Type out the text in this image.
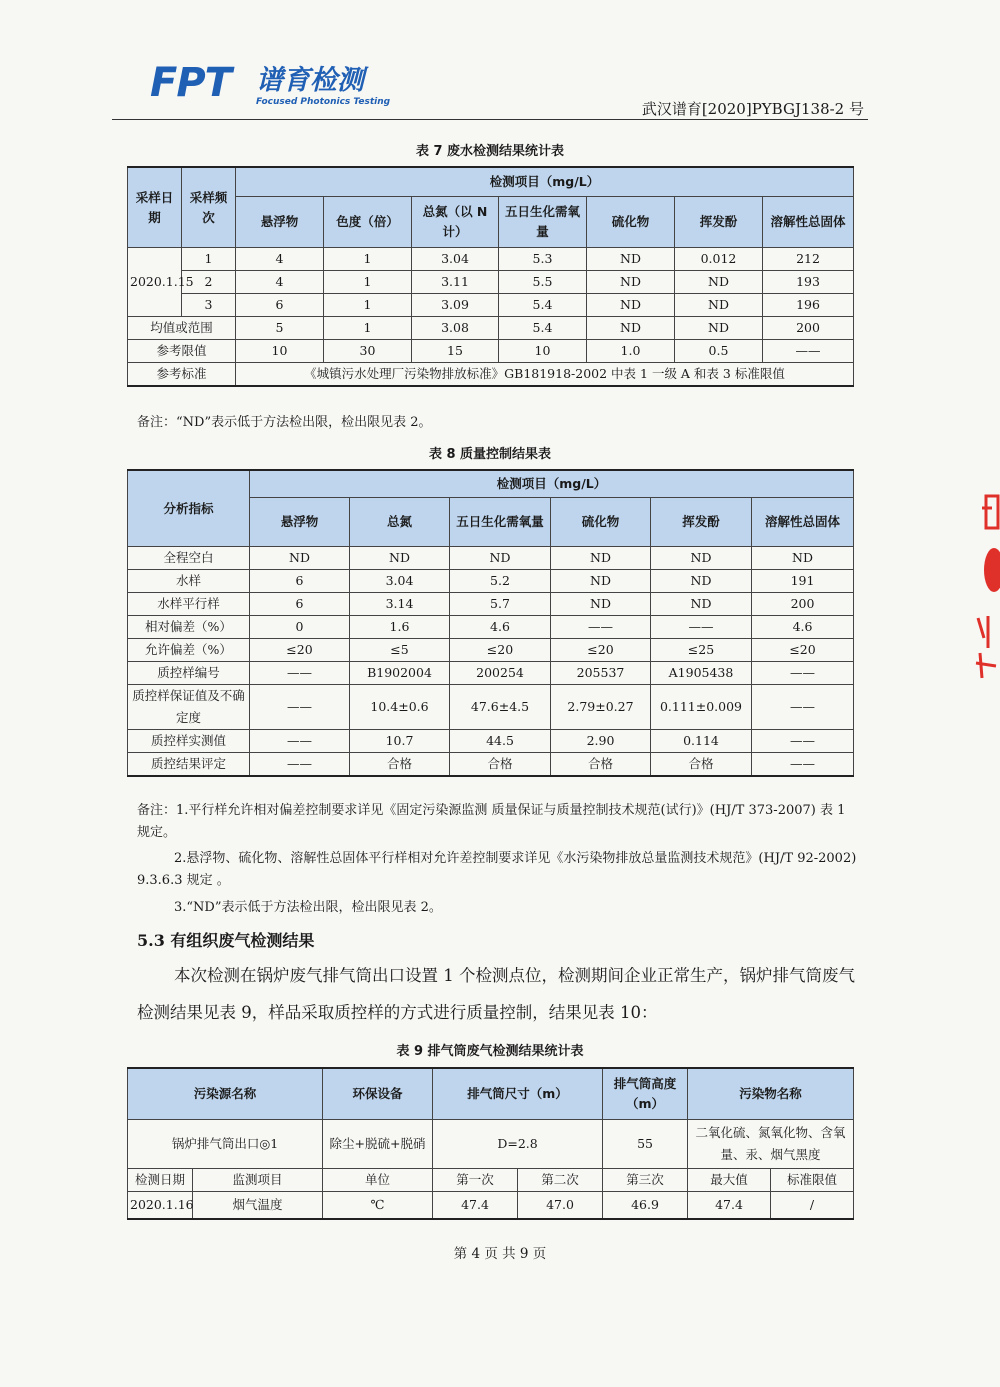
FPT 谱育检测
Focused Photonics Testing	武汉谱育[2020]PYBGJ138-2 号
表 7 废水检测结果统计表
采样日期	采样频次	检测项目（mg/L）						
		悬浮物	色度（倍）	总氮（以 N 计）	五日生化需氧量	硫化物	挥发酚	溶解性总固体
2020.1.15	1	4	1	3.04	5.3	ND	0.012	212
	2	4	1	3.11	5.5	ND	ND	193
	3	6	1	3.09	5.4	ND	ND	196
均值或范围		5	1	3.08	5.4	ND	ND	200
参考限值		10	30	15	10	1.0	0.5	——
参考标准		《城镇污水处理厂污染物排放标准》GB181918-2002 中表 1 一级 A 和表 3 标准限值						
备注：“ND”表示低于方法检出限，检出限见表 2。
表 8 质量控制结果表
分析指标	检测项目（mg/L）					
	悬浮物	总氮	五日生化需氧量	硫化物	挥发酚	溶解性总固体
全程空白	ND	ND	ND	ND	ND	ND
水样	6	3.04	5.2	ND	ND	191
水样平行样	6	3.14	5.7	ND	ND	200
相对偏差（%）	0	1.6	4.6	——	——	4.6
允许偏差（%）	≤20	≤5	≤20	≤20	≤25	≤20
质控样编号	——	B1902004	200254	205537	A1905438	——
质控样保证值及不确定度	——	10.4±0.6	47.6±4.5	2.79±0.27	0.111±0.009	——
质控样实测值	——	10.7	44.5	2.90	0.114	——
质控结果评定	——	合格	合格	合格	合格	——
备注：1.平行样允许相对偏差控制要求详见《固定污染源监测 质量保证与质量控制技术规范(试行)》(HJ/T 373-2007) 表 1 规定。
2.悬浮物、硫化物、溶解性总固体平行样相对允许差控制要求详见《水污染物排放总量监测技术规范》(HJ/T 92-2002) 9.3.6.3 规定 。
3.“ND”表示低于方法检出限，检出限见表 2。
5.3 有组织废气检测结果
本次检测在锅炉废气排气筒出口设置 1 个检测点位，检测期间企业正常生产，锅炉排气筒废气检测结果见表 9，样品采取质控样的方式进行质量控制，结果见表 10：
表 9 排气筒废气检测结果统计表
污染源名称		环保设备	排气筒尺寸（m）		排气筒高度（m）	污染物名称	
锅炉排气筒出口◎1		除尘+脱硫+脱硝	D=2.8		55	二氧化硫、氮氧化物、含氧量、汞、烟气黑度	
检测日期	监测项目	单位	第一次	第二次	第三次	最大值	标准限值
2020.1.16	烟气温度	℃	47.4	47.0	46.9	47.4	/
第 4 页 共 9 页
